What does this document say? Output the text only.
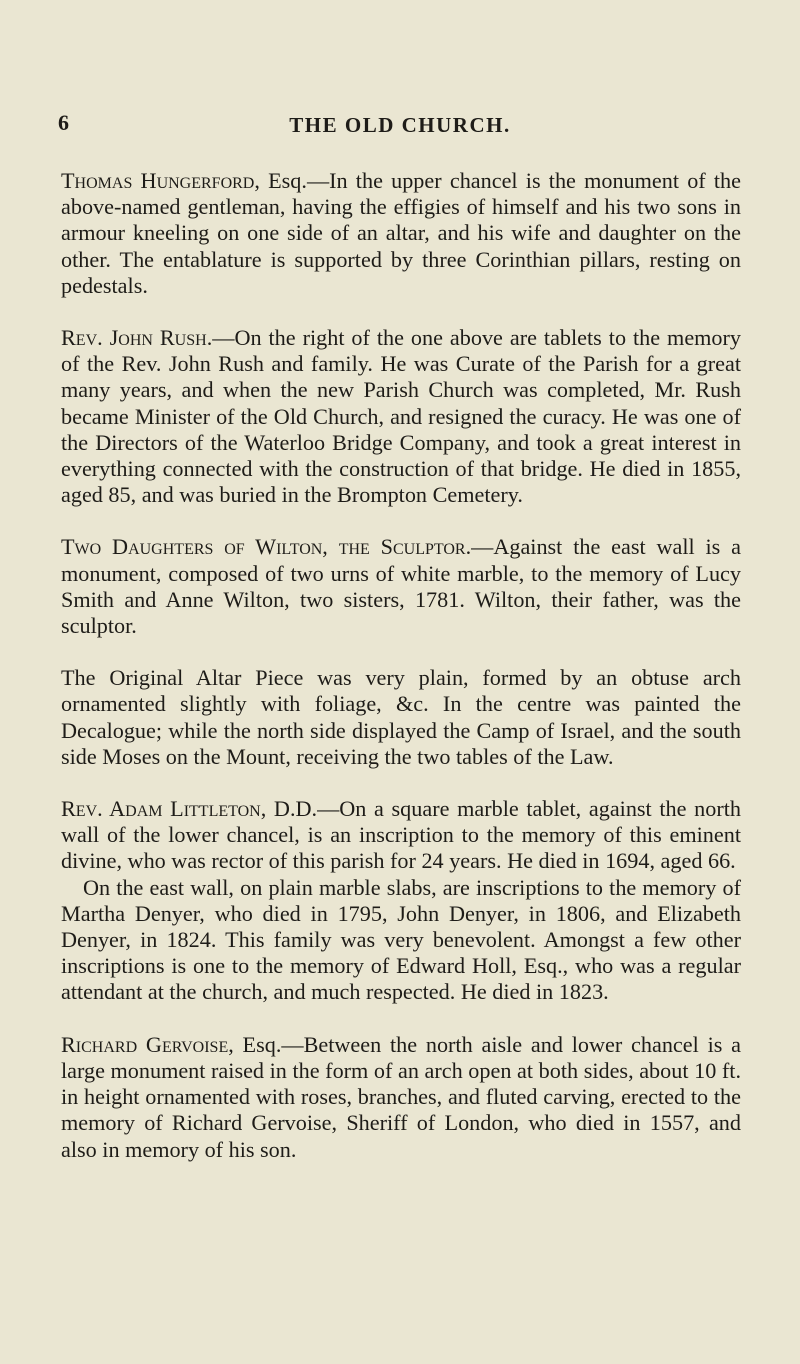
6	THE OLD CHURCH.

Thomas Hungerford, Esq.—In the upper chancel is the monument of the above-named gentleman, having the effigies of himself and his two sons in armour kneeling on one side of an altar, and his wife and daughter on the other. The entablature is supported by three Corinthian pillars, resting on pedestals.

Rev. John Rush.—On the right of the one above are tablets to the memory of the Rev. John Rush and family. He was Curate of the Parish for a great many years, and when the new Parish Church was completed, Mr. Rush became Minister of the Old Church, and resigned the curacy. He was one of the Directors of the Waterloo Bridge Company, and took a great interest in everything connected with the construction of that bridge. He died in 1855, aged 85, and was buried in the Brompton Cemetery.

Two Daughters of Wilton, the Sculptor.—Against the east wall is a monument, composed of two urns of white marble, to the memory of Lucy Smith and Anne Wilton, two sisters, 1781. Wilton, their father, was the sculptor.

The Original Altar Piece was very plain, formed by an obtuse arch ornamented slightly with foliage, &c. In the centre was painted the Decalogue; while the north side displayed the Camp of Israel, and the south side Moses on the Mount, receiving the two tables of the Law.

Rev. Adam Littleton, D.D.—On a square marble tablet, against the north wall of the lower chancel, is an inscription to the memory of this eminent divine, who was rector of this parish for 24 years. He died in 1694, aged 66.

On the east wall, on plain marble slabs, are inscriptions to the memory of Martha Denyer, who died in 1795, John Denyer, in 1806, and Elizabeth Denyer, in 1824. This family was very benevolent. Amongst a few other inscriptions is one to the memory of Edward Holl, Esq., who was a regular attendant at the church, and much respected. He died in 1823.

Richard Gervoise, Esq.—Between the north aisle and lower chancel is a large monument raised in the form of an arch open at both sides, about 10 ft. in height ornamented with roses, branches, and fluted carving, erected to the memory of Richard Gervoise, Sheriff of London, who died in 1557, and also in memory of his son.
